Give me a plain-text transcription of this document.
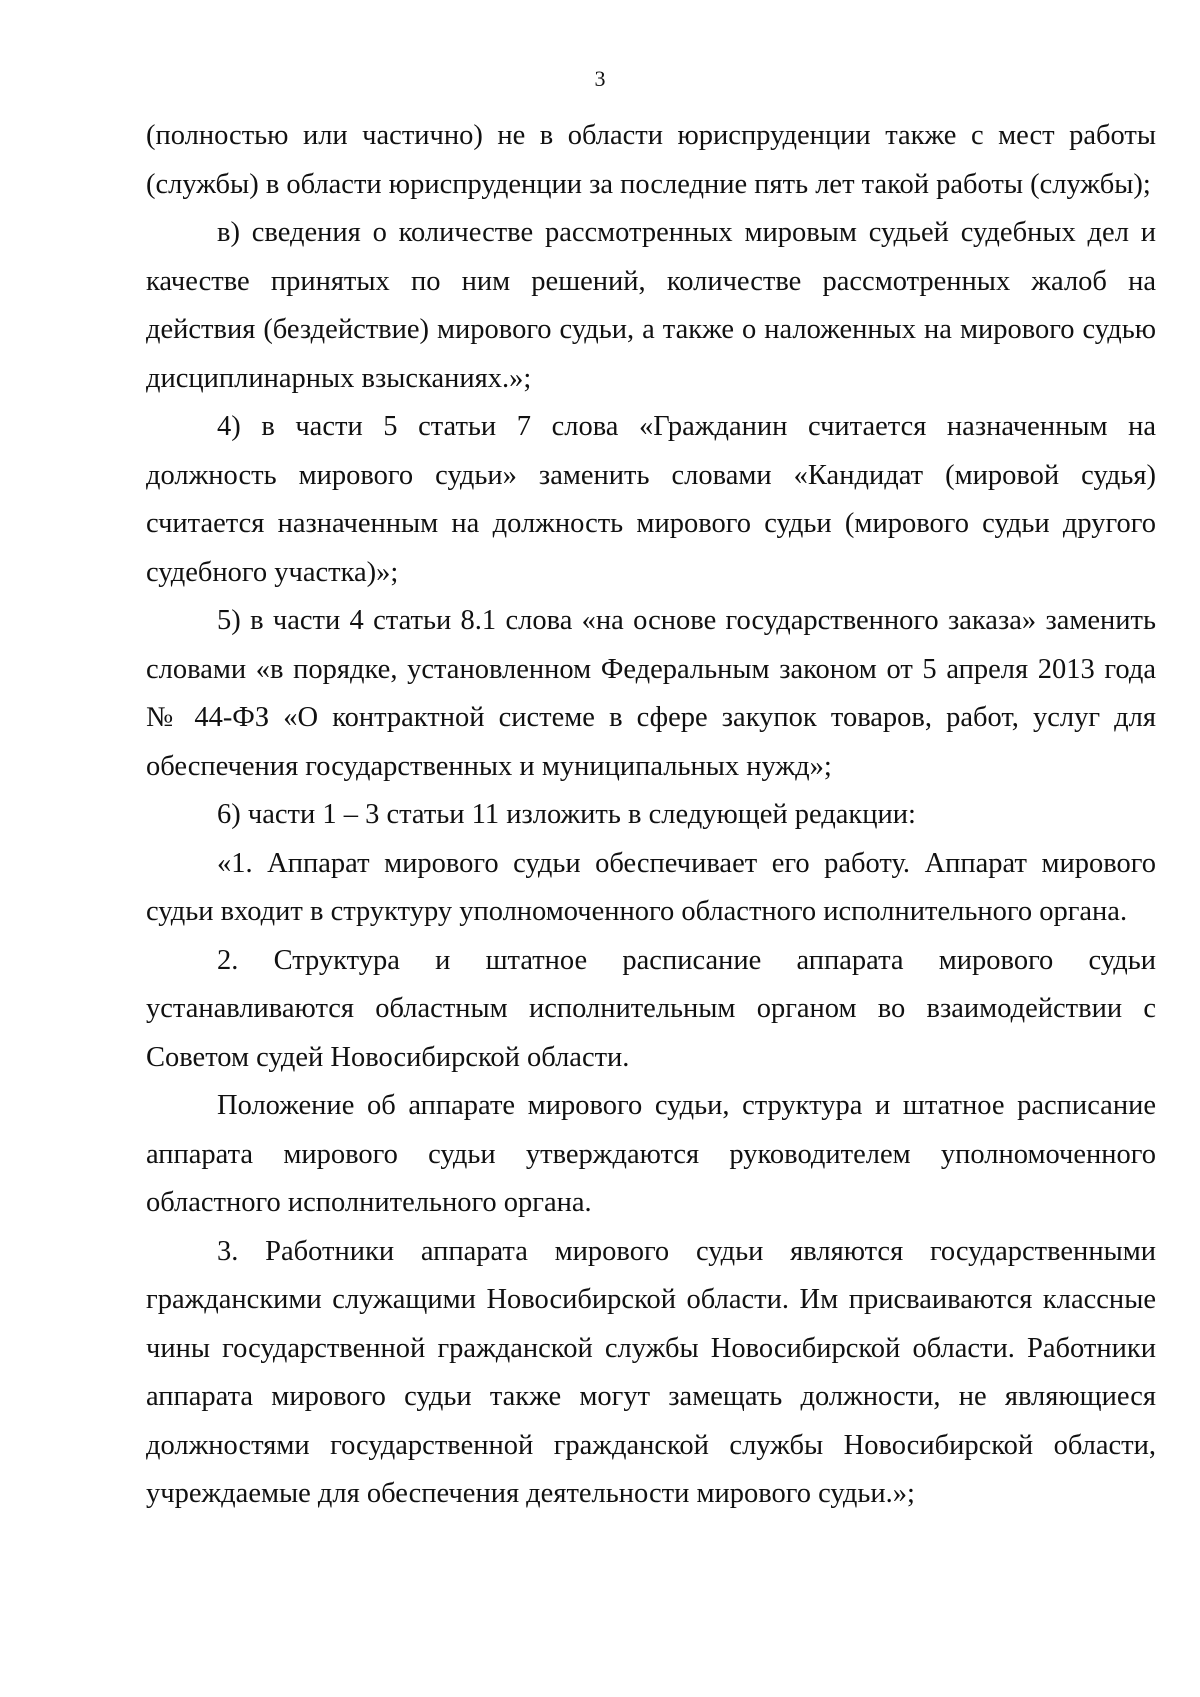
3

(полностью или частично) не в области юриспруденции также с мест работы (службы) в области юриспруденции за последние пять лет такой работы (службы);

в) сведения о количестве рассмотренных мировым судьей судебных дел и качестве принятых по ним решений, количестве рассмотренных жалоб на действия (бездействие) мирового судьи, а также о наложенных на мирового судью дисциплинарных взысканиях.»;

4) в части 5 статьи 7 слова «Гражданин считается назначенным на должность мирового судьи» заменить словами «Кандидат (мировой судья) считается назначенным на должность мирового судьи (мирового судьи другого судебного участка)»;

5) в части 4 статьи 8.1 слова «на основе государственного заказа» заменить словами «в порядке, установленном Федеральным законом от 5 апреля 2013 года № 44-ФЗ «О контрактной системе в сфере закупок товаров, работ, услуг для обеспечения государственных и муниципальных нужд»;

6) части 1 – 3 статьи 11 изложить в следующей редакции:

«1. Аппарат мирового судьи обеспечивает его работу. Аппарат мирового судьи входит в структуру уполномоченного областного исполнительного органа.

2. Структура и штатное расписание аппарата мирового судьи устанавливаются областным исполнительным органом во взаимодействии с Советом судей Новосибирской области.

Положение об аппарате мирового судьи, структура и штатное расписание аппарата мирового судьи утверждаются руководителем уполномоченного областного исполнительного органа.

3. Работники аппарата мирового судьи являются государственными гражданскими служащими Новосибирской области. Им присваиваются классные чины государственной гражданской службы Новосибирской области. Работники аппарата мирового судьи также могут замещать должности, не являющиеся должностями государственной гражданской службы Новосибирской области, учреждаемые для обеспечения деятельности мирового судьи.»;
